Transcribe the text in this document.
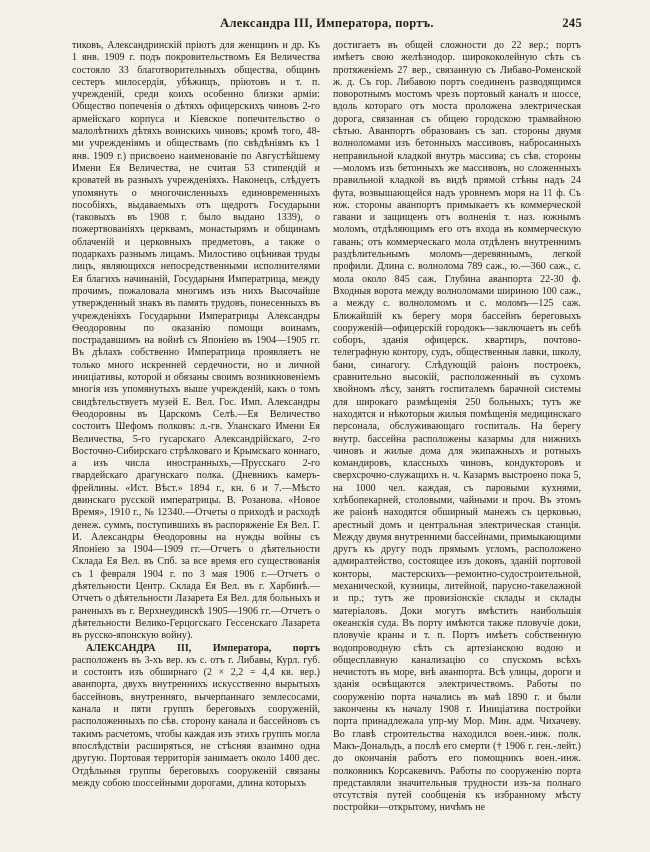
Александра III, Императора, портъ.	245

тиковъ, Александринскій пріютъ для женщинъ и др. Къ 1 янв. 1909 г. подъ покровительствомъ Ея Величества состояло 33 благотворительныхъ общества, общинъ сестеръ милосердія, убѣжищъ, пріютовъ и т. п. учрежденій, среди коихъ особенно близки арміи: Общество попеченія о дѣтяхъ офицерскихъ чиновъ 2-го армейскаго корпуса и Кіевское попечительство о малолѣтнихъ дѣтяхъ воинскихъ чиновъ; кромѣ того, 48-ми учрежденіямъ и обществамъ (по свѣдѣніямъ къ 1 янв. 1909 г.) присвоено наименованіе по Августѣйшему Имени Ея Величества, не считая 53 стипендій и кроватей въ разныхъ учрежденіяхъ. Наконецъ, слѣдуетъ упомянуть о многочисленныхъ единовременныхъ пособіяхъ, выдаваемыхъ отъ щедротъ Государыни (таковыхъ въ 1908 г. было выдано 1339), о пожертвованіяхъ церквамъ, монастырямъ и общинамъ облаченій и церковныхъ предметовъ, а также о подаркахъ разнымъ лицамъ. Милостиво оцѣнивая труды лицъ, являющихся непосредственными исполнителями Ея благихъ начинаній, Государыня Императрица, между прочимъ, пожаловала многимъ изъ нихъ Высочайше утвержденный знакъ въ память трудовъ, понесенныхъ въ учрежденіяхъ Государыни Императрицы Александры Ѳеодоровны по оказанію помощи воинамъ, пострадавшимъ на войнѣ съ Японіею въ 1904—1905 гг. Въ дѣлахъ собственно Императрица проявляетъ не только много искренней сердечности, но и личной иниціативы, которой и обязаны своимъ возникновеніемъ многія изъ упомянутыхъ выше учрежденій, какъ о томъ свидѣтельствуетъ музей Е. Вел. Гос. Имп. Александры Ѳеодоровны въ Царскомъ Селѣ.—Ея Величество состоитъ Шефомъ полковъ: л.-гв. Уланскаго Имени Ея Величества, 5-го гусарскаго Александрійскаго, 2-го Восточно-Сибирскаго стрѣлковаго и Крымскаго коннаго, а изъ числа иностранныхъ,—Прусскаго 2-го гвардейскаго драгунскаго полка. (Дневникъ камеръ-фрейлины. «Ист. Вѣст.» 1894 г., кн. 6 и 7.—Мѣсто двинскаго русской императрицы. В. Розанова. «Новое Время», 1910 г., № 12340.—Отчеты о приходѣ и расходѣ денеж. суммъ, поступившихъ въ распоряженіе Ея Вел. Г. И. Александры Ѳеодоровны на нужды войны съ Японіею за 1904—1909 гг.—Отчетъ о дѣятельности Склада Ея Вел. въ Спб. за все время его существованія съ 1 февраля 1904 г. по 3 мая 1906 г.—Отчетъ о дѣятельности Центр. Склада Ея Вел. въ г. Харбинѣ.—Отчетъ о дѣятельности Лазарета Ея Вел. для больныхъ и раненыхъ въ г. Верхнеудинскѣ 1905—1906 гг.—Отчетъ о дѣятельности Велико-Герцогскаго Гессенскаго Лазарета въ русско-японскую войну).

АЛЕКСАНДРА III, Императора, портъ расположенъ въ 3-хъ вер. къ с. отъ г. Либавы, Курл. губ. и состоитъ изъ обширнаго (2 × 2,2 = 4,4 кв. вер.) аванпорта, двухъ внутреннихъ искусственно вырытыхъ бассейновъ, внутренняго, вычерпаннаго землесосами, канала и пяти группъ береговыхъ сооруженій, расположенныхъ по сѣв. сторону канала и бассейновъ съ такимъ расчетомъ, чтобы каждая изъ этихъ группъ могла впослѣдствіи расширяться, не стѣсняя взаимно одна другую. Портовая территорія занимаетъ около 1400 дес. Отдѣльныя группы береговыхъ сооруженій связаны между собою шоссейными дорогами, длина которыхъ

достигаетъ въ общей сложности до 22 вер.; портъ имѣетъ свою желѣзнодор. ширококолейную сѣть съ протяженіемъ 27 вер., связанную съ Либаво-Роменской ж. д. Съ гор. Либавою портъ соединенъ разводящимся поворотнымъ мостомъ чрезъ портовый каналъ и шоссе, вдоль котораго отъ моста проложена электрическая дорога, связанная съ общею городскою трамвайною сѣтью. Аванпортъ образованъ съ зап. стороны двумя волноломами изъ бетонныхъ массивовъ, набросанныхъ неправильной кладкой внутрь массива; съ сѣв. стороны—моломъ изъ бетонныхъ же массивовъ, но сложенныхъ правильной кладкой въ видѣ прямой стѣны надъ 24 фута, возвышающейся надъ уровнемъ моря на 11 ф. Съ юж. стороны аванпортъ примыкаетъ къ коммерческой гавани и защищенъ отъ волненія т. наз. южнымъ моломъ, отдѣляющимъ его отъ входа въ коммерческую гавань; отъ коммерческаго мола отдѣленъ внутреннимъ раздѣлительнымъ моломъ—деревяннымъ, легкой профили. Длина с. волнолома 789 саж., ю.—360 саж., с. мола около 845 саж. Глубина аванпорта 22-30 ф. Входныя ворота между волноломами шириною 100 саж., а между с. волноломомъ и с. моломъ—125 саж. Ближайшій къ берегу моря бассейнъ береговыхъ сооруженій—офицерскій городокъ—заключаетъ въ себѣ соборъ, зданія офицерск. квартиръ, почтово-телеграфную контору, судъ, общественныя лавки, школу, бани, синагогу. Слѣдующій раіонъ построекъ, сравнительно высокій, расположенный въ сухомъ хвойномъ лѣсу, занятъ госпиталемъ барачной системы для широкаго размѣщенія 250 больныхъ; тутъ же находятся и нѣкоторыя жилыя помѣщенія медицинскаго персонала, обслуживающаго госпиталь. На берегу внутр. бассейна расположены казармы для нижнихъ чиновъ и жилые дома для экипажныхъ и ротныхъ командировъ, классныхъ чиновъ, кондукторовъ и сверхсрочно-служащихъ н. ч. Казармъ выстроено пока 5, на 1000 чел. каждая, съ паровыми кухнями, хлѣбопекарней, столовыми, чайными и проч. Въ этомъ же раіонѣ находятся обширный манежъ съ церковью, арестный домъ и центральная электрическая станція. Между двумя внутренними бассейнами, примыкающими другъ къ другу подъ прямымъ угломъ, расположено адмиралтейство, состоящее изъ доковъ, зданій портовой конторы, мастерскихъ—ремонтно-судостроительной, механической, кузницы, литейной, парусно-такелажной и пр.; тутъ же провизіонскіе склады и склады матеріаловъ. Доки могутъ вмѣстить наибольшія океанскія суда. Въ порту имѣются также пловучіе доки, пловучіе краны и т. п. Портъ имѣетъ собственную водопроводную сѣть съ артезіанскою водою и общесплавную канализацію со спускомъ всѣхъ нечистотъ въ море, внѣ аванпорта. Всѣ улицы, дороги и зданія освѣщаются электричествомъ. Работы по сооруженію порта начались въ маѣ 1890 г. и были закончены къ началу 1908 г. Иниціатива постройки порта принадлежала упр-му Мор. Мин. адм. Чихачеву. Во главѣ строительства находился воен.-инж. полк. Макъ-Дональдъ, а послѣ его смерти († 1906 г. ген.-лейт.) до окончанія работъ его помощникъ воен.-инж. полковникъ Корсакевичъ. Работы по сооруженію порта представляли значительныя трудности изъ-за полнаго отсутствія путей сообщенія къ избранному мѣсту постройки—открытому, ничѣмъ не
